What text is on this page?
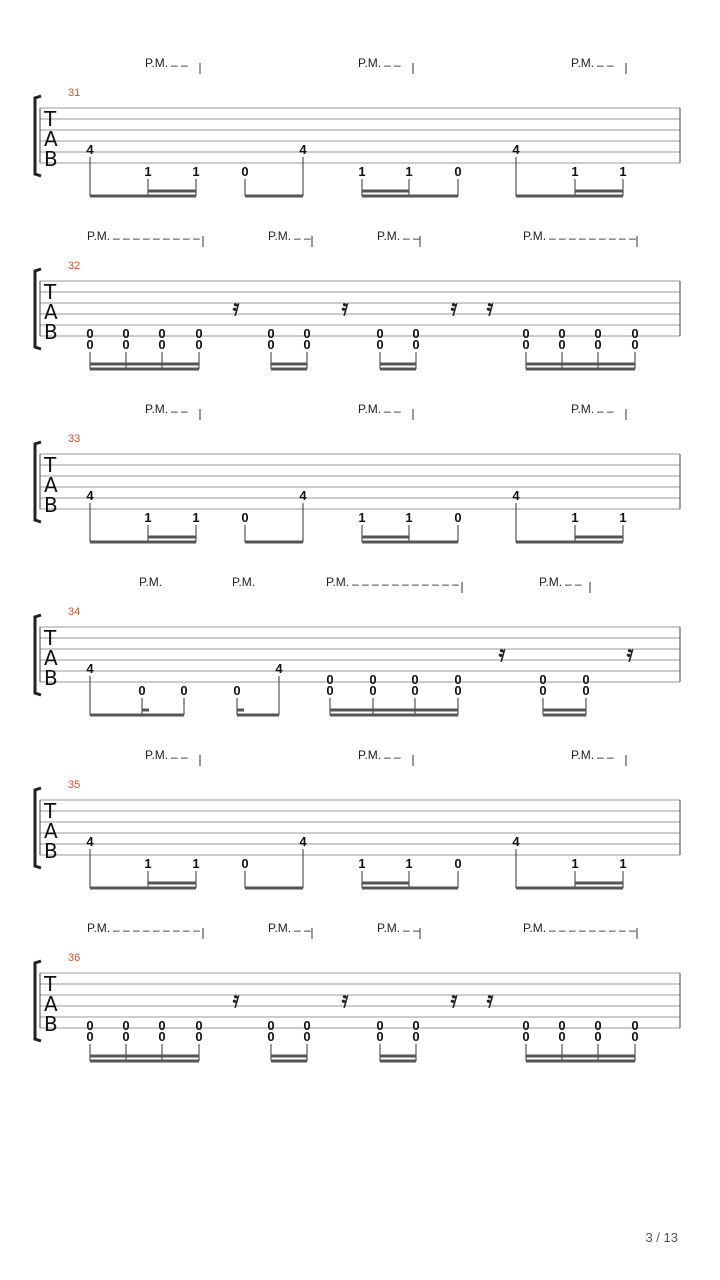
P.M. – –	P.M. – –	P.M. – –
31
T
A
B 4
1	1	0
4
1	1	0
4
1	1
P.M. – – – – – – – – –	P.M. – –	P.M. – –	P.M. – – – – – – – – –
32
T
A
B 0
0
0
0
0
0
0
0
0
0
0
0
0
0
0
0
0
0
0
0
0
0
0
0
𝄿	𝄿	𝄿 𝄿
P.M. – –	P.M. – –	P.M. – –
33
T
A
B 4
1	1	0
4
1	1	0
4
1	1
P.M.	P.M.	P.M. – – – – – – – – – – –	P.M. – –
34
T
A
B 4
0	0	0
4
0
0
0
0
0
0
0
0
0
0
0
0
𝄿	𝄿
P.M. – –	P.M. – –	P.M. – –
35
T
A
B 4
1	1	0
4
1	1	0
4
1	1
P.M. – – – – – – – – –	P.M. – –	P.M. – –	P.M. – – – – – – – – –
36
T
A
B 0
0
0
0
0
0
0
0
0
0
0
0
0
0
0
0
0
0
0
0
0
0
0
0
𝄿	𝄿	𝄿 𝄿
3 / 13
